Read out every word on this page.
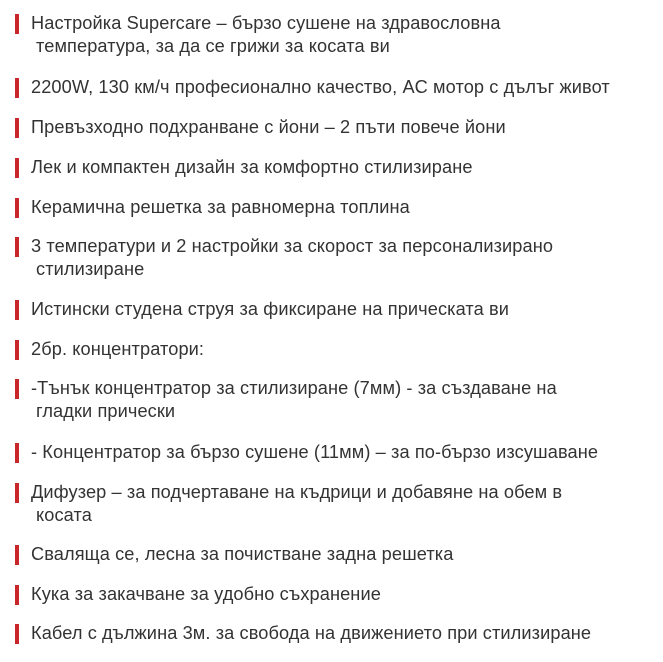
Настройка Supercare – бързо сушене на здравословна
температура, за да се грижи за косата ви
2200W, 130 км/ч професионално качество, AC мотор с дълъг живот
Превъзходно подхранване с йони – 2 пъти повече йони
Лек и компактен дизайн за комфортно стилизиране
Керамична решетка за равномерна топлина
3 температури и 2 настройки за скорост за персонализирано
стилизиране
Истински студена струя за фиксиране на прическата ви
2бр. концентратори:
-Тънък концентратор за стилизиране (7мм) - за създаване на
гладки прически
- Концентратор за бързо сушене (11мм) – за по-бързо изсушаване
Дифузер – за подчертаване на къдрици и добавяне на обем в
косата
Сваляща се, лесна за почистване задна решетка
Кука за закачване за удобно съхранение
Кабел с дължина 3м. за свобода на движението при стилизиране
